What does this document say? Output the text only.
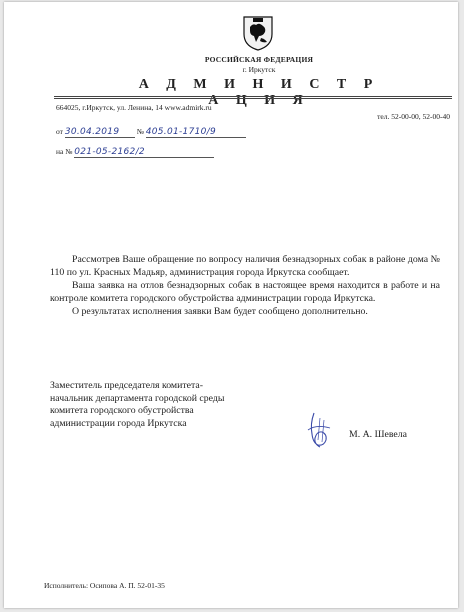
РОССИЙСКАЯ ФЕДЕРАЦИЯ
г. Иркутск
А Д М И Н И С Т Р А Ц И Я
664025, г.Иркутск, ул. Ленина, 14 www.admirk.ru
тел. 52-00-00, 52-00-40
от 30.04.2019 № 405.01-1710/9
на № 021-05-2162/2

Рассмотрев Ваше обращение по вопросу наличия безнадзорных собак в районе дома № 110 по ул. Красных Мадьяр, администрация города Иркутска сообщает.

Ваша заявка на отлов безнадзорных собак в настоящее время находится в работе и на контроле комитета городского обустройства администрации города Иркутска.

О результатах исполнения заявки Вам будет сообщено дополнительно.

Заместитель председателя комитета-
начальник департамента городской среды
комитета городского обустройства
администрации города Иркутска
М. А. Шевела
Исполнитель: Осипова А. П. 52-01-35
